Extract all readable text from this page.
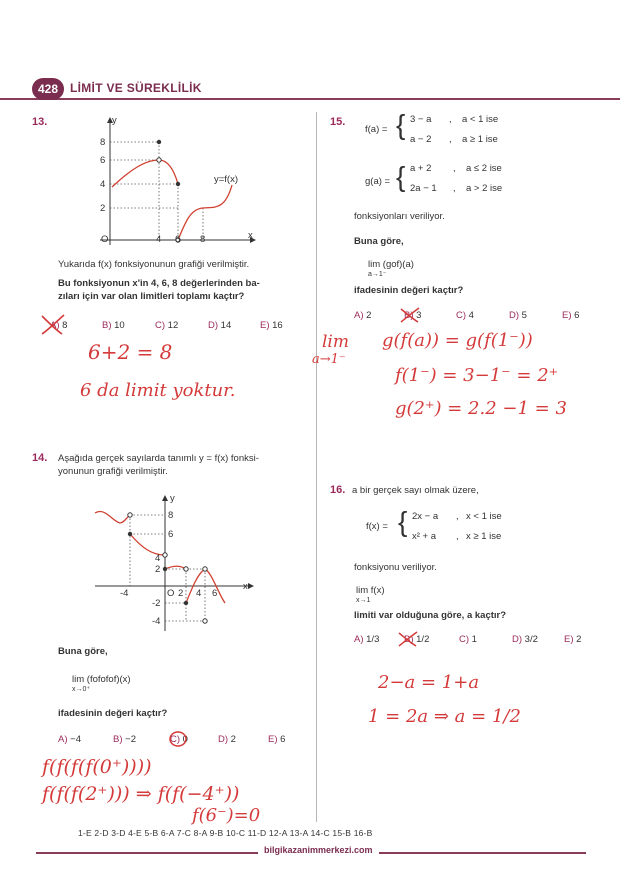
428 LİMİT VE SÜREKLİLİK
13.	y
x
y=f(x)
O
8
6
4
2
4 6 8
Yukarıda f(x) fonksiyonunun grafiği verilmiştir.
Bu fonksiyonun x'in 4, 6, 8 değerlerinden ba-
zıları için var olan limitleri toplamı kaçtır?
A) 8	B) 10	C) 12	D) 14	E) 16
6+2 = 8
6 da limit yoktur.
14. Aşağıda gerçek sayılarda tanımlı y = f(x) fonksi-
yonunun grafiği verilmiştir.
y
x
8
6
4
2
-2
-4
-4	O 2 4 6
Buna göre,
lim (fofofof)(x)
x→0⁺
ifadesinin değeri kaçtır?
A) −4	B) −2	C) 0	D) 2	E) 6
f(f(f(f(0⁺))))
f(f(f(2⁺))) ⇒ f(f(−4⁺))
f(6⁻)=0
15.
f(a) = { 3 − a , a < 1 ise
a − 2 , a ≥ 1 ise
g(a) = { a + 2 , a ≤ 2 ise
2a − 1 , a > 2 ise
fonksiyonları veriliyor.
Buna göre,
lim (gof)(a)
a→1⁻
ifadesinin değeri kaçtır?
A) 2	B) 3	C) 4	D) 5	E) 6
lim
a→1⁻
g(f(a)) = g(f(1⁻))
f(1⁻) = 3−1⁻ = 2⁺
g(2⁺) = 2.2 −1 = 3
16. a bir gerçek sayı olmak üzere,
f(x) = { 2x − a , x < 1 ise
x² + a , x ≥ 1 ise
fonksiyonu veriliyor.
lim f(x)
x→1
limiti var olduğuna göre, a kaçtır?
A) 1/3	B) 1/2	C) 1	D) 3/2	E) 2
2−a = 1+a
1 = 2a ⇒ a = 1/2
1-E 2-D 3-D 4-E 5-B 6-A 7-C 8-A 9-B 10-C 11-D 12-A 13-A 14-C 15-B 16-B
bilgikazanimmerkezi.com
